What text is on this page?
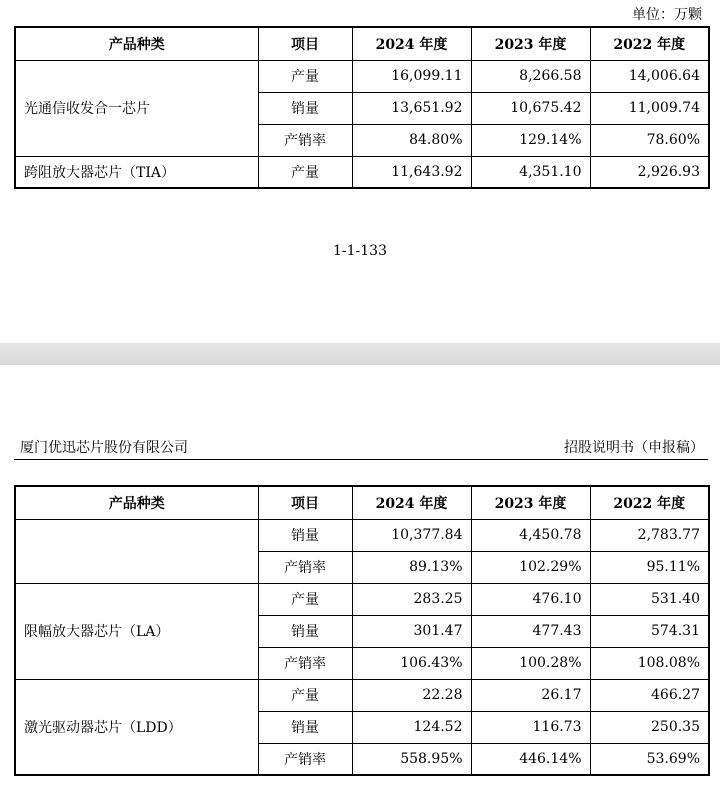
单位：万颗
产品种类	项目	2024 年度	2023 年度	2022 年度
光通信收发合一芯片	产量	16,099.11	8,266.58	14,006.64
	销量	13,651.92	10,675.42	11,009.74
	产销率	84.80%	129.14%	78.60%
跨阻放大器芯片（TIA）	产量	11,643.92	4,351.10	2,926.93
1-1-133
厦门优迅芯片股份有限公司	招股说明书（申报稿）
产品种类	项目	2024 年度	2023 年度	2022 年度
	销量	10,377.84	4,450.78	2,783.77
	产销率	89.13%	102.29%	95.11%
限幅放大器芯片（LA）	产量	283.25	476.10	531.40
	销量	301.47	477.43	574.31
	产销率	106.43%	100.28%	108.08%
激光驱动器芯片（LDD）	产量	22.28	26.17	466.27
	销量	124.52	116.73	250.35
	产销率	558.95%	446.14%	53.69%
